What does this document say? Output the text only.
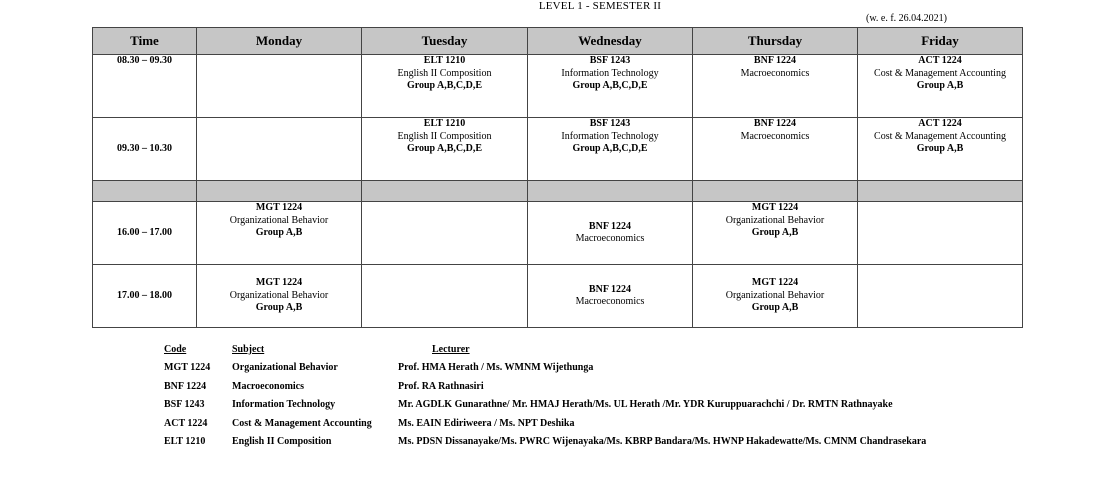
LEVEL 1 - SEMESTER II
(w. e. f. 26.04.2021)
Time	Monday	Tuesday	Wednesday	Thursday	Friday
08.30 – 09.30		ELT 1210
English II Composition
Group A,B,C,D,E	BSF 1243
Information Technology
Group A,B,C,D,E	BNF 1224
Macroeconomics	ACT 1224
Cost & Management Accounting
Group A,B

09.30 – 10.30		ELT 1210
English II Composition
Group A,B,C,D,E	BSF 1243
Information Technology
Group A,B,C,D,E	BNF 1224
Macroeconomics	ACT 1224
Cost & Management Accounting
Group A,B

16.00 – 17.00	MGT 1224
Organizational Behavior
Group A,B		BNF 1224
Macroeconomics	MGT 1224
Organizational Behavior
Group A,B	

17.00 – 18.00	MGT 1224
Organizational Behavior
Group A,B		BNF 1224
Macroeconomics	MGT 1224
Organizational Behavior
Group A,B	

Code	Subject	Lecturer
MGT 1224	Organizational Behavior	Prof. HMA Herath / Ms. WMNM Wijethunga
BNF 1224	Macroeconomics	Prof. RA Rathnasiri
BSF 1243	Information Technology	Mr. AGDLK Gunarathne/ Mr. HMAJ Herath/Ms. UL Herath /Mr. YDR Kuruppuarachchi / Dr. RMTN Rathnayake
ACT 1224	Cost & Management Accounting	Ms. EAIN Ediriweera / Ms. NPT Deshika
ELT 1210	English II Composition	Ms. PDSN Dissanayake/Ms. PWRC Wijenayaka/Ms. KBRP Bandara/Ms. HWNP Hakadewatte/Ms. CMNM Chandrasekara
